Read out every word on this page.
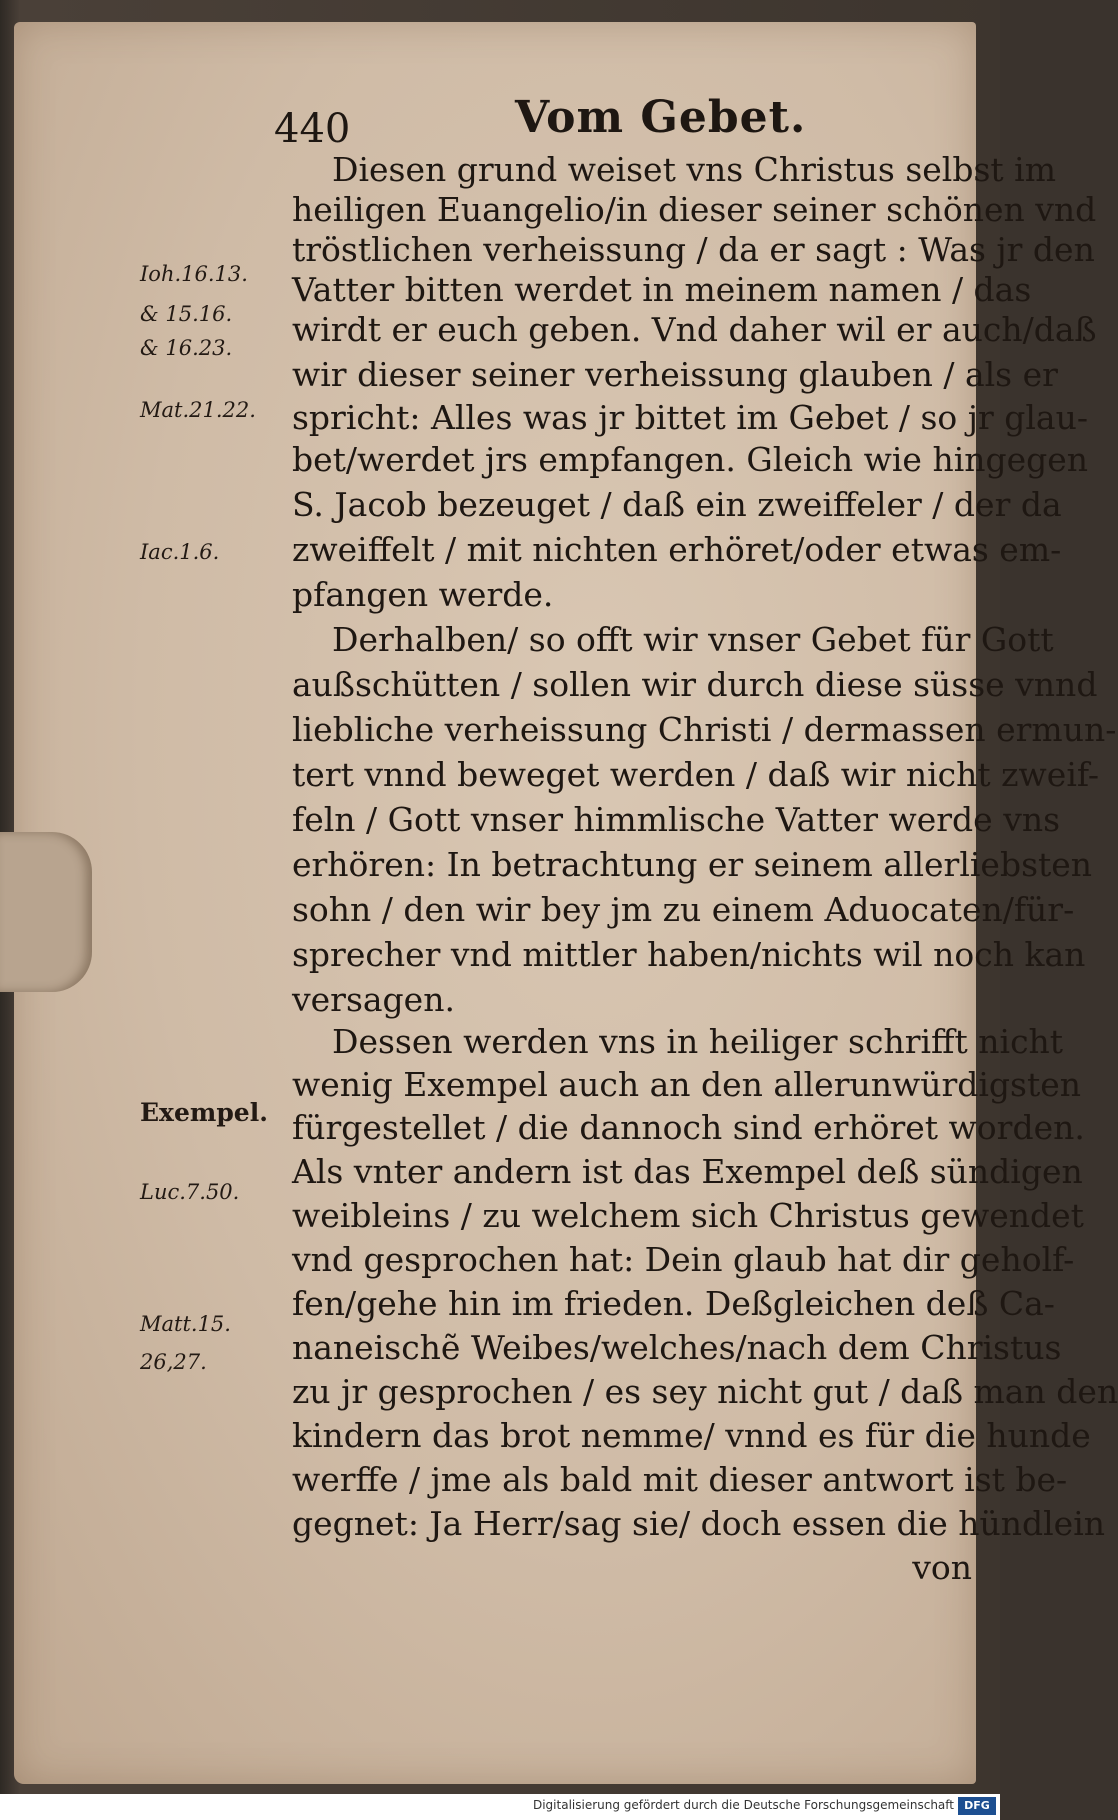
440	Vom Gebet.
Diesen grund weiset vns Christus selbst im
heiligen Euangelio/in dieser seiner schönen vnd
tröstlichen verheissung / da er sagt : Was jr den
Vatter bitten werdet in meinem namen / das
wirdt er euch geben. Vnd daher wil er auch/daß
wir dieser seiner verheissung glauben / als er
spricht: Alles was jr bittet im Gebet / so jr glau-
bet/werdet jrs empfangen. Gleich wie hingegen
S. Jacob bezeuget / daß ein zweiffeler / der da
zweiffelt / mit nichten erhöret/oder etwas em-
pfangen werde.
Derhalben/ so offt wir vnser Gebet für Gott
außschütten / sollen wir durch diese süsse vnnd
liebliche verheissung Christi / dermassen ermun-
tert vnnd beweget werden / daß wir nicht zweif-
feln / Gott vnser himmlische Vatter werde vns
erhören: In betrachtung er seinem allerliebsten
sohn / den wir bey jm zu einem Aduocaten/für-
sprecher vnd mittler haben/nichts wil noch kan
versagen.
Dessen werden vns in heiliger schrifft nicht
wenig Exempel auch an den allerunwürdigsten
fürgestellet / die dannoch sind erhöret worden.
Als vnter andern ist das Exempel deß sündigen
weibleins / zu welchem sich Christus gewendet
vnd gesprochen hat: Dein glaub hat dir geholf-
fen/gehe hin im frieden. Deßgleichen deß Ca-
naneischẽ Weibes/welches/nach dem Christus
zu jr gesprochen / es sey nicht gut / daß man den
kindern das brot nemme/ vnnd es für die hunde
werffe / jme als bald mit dieser antwort ist be-
gegnet: Ja Herr/sag sie/ doch essen die hündlein
von
Ioh.16.13.
& 15.16.
& 16.23.
Mat.21.22.
Iac.1.6.
Exempel.
Luc.7.50.
Matt.15.
26,27.
Digitalisierung gefördert durch die Deutsche Forschungsgemeinschaft DFG
